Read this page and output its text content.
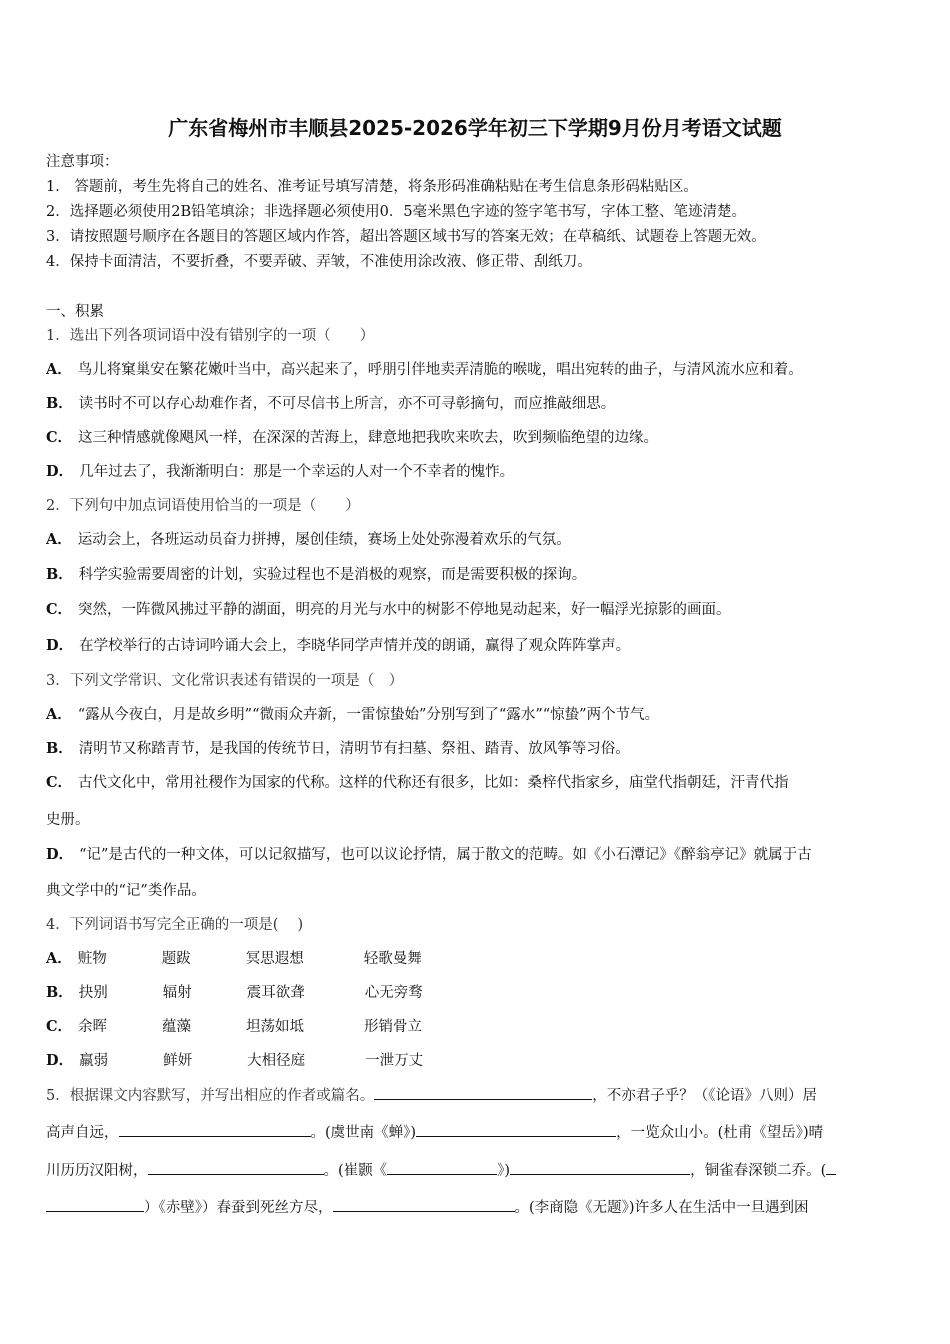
广东省梅州市丰顺县2025-2026学年初三下学期9月份月考语文试题
注意事项：
1． 答题前，考生先将自己的姓名、准考证号填写清楚，将条形码准确粘贴在考生信息条形码粘贴区。
2．选择题必须使用2B铅笔填涂；非选择题必须使用0．5毫米黑色字迹的签字笔书写，字体工整、笔迹清楚。
3．请按照题号顺序在各题目的答题区域内作答，超出答题区域书写的答案无效；在草稿纸、试题卷上答题无效。
4．保持卡面清洁，不要折叠，不要弄破、弄皱，不准使用涂改液、修正带、刮纸刀。
一、积累
1．选出下列各项词语中没有错别字的一项（　　）
A． 鸟儿将窠巢安在繁花嫩叶当中，高兴起来了，呼朋引伴地卖弄清脆的喉咙，唱出宛转的曲子，与清风流水应和着。
B． 读书时不可以存心劫难作者，不可尽信书上所言，亦不可寻彰摘句，而应推敲细思。
C． 这三种情感就像飓风一样，在深深的苦海上，肆意地把我吹来吹去，吹到频临绝望的边缘。
D． 几年过去了，我渐渐明白：那是一个幸运的人对一个不幸者的愧怍。
2．下列句中加点词语使用恰当的一项是（　　）
A． 运动会上，各班运动员奋力拼搏，屡创佳绩，赛场上处处弥漫着欢乐的气氛。
B． 科学实验需要周密的计划，实验过程也不是消极的观察，而是需要积极的探询。
C． 突然，一阵微风拂过平静的湖面，明亮的月光与水中的树影不停地晃动起来，好一幅浮光掠影的画面。
D． 在学校举行的古诗词吟诵大会上，李晓华同学声情并茂的朗诵，赢得了观众阵阵掌声。
3．下列文学常识、文化常识表述有错误的一项是（　）
A． “露从今夜白，月是故乡明”“微雨众卉新，一雷惊蛰始”分别写到了“露水”“惊蛰”两个节气。
B． 清明节又称踏青节，是我国的传统节日，清明节有扫墓、祭祖、踏青、放风筝等习俗。
C． 古代文化中，常用社稷作为国家的代称。这样的代称还有很多，比如：桑梓代指家乡，庙堂代指朝廷，汗青代指
史册。
D． “记”是古代的一种文体，可以记叙描写，也可以议论抒情，属于散文的范畴。如《小石潭记》《醉翁亭记》就属于古
典文学中的“记”类作品。
4．下列词语书写完全正确的一项是(　 )
A． 赃物	题跋	冥思遐想	轻歌曼舞
B． 抉别	辐射	震耳欲聋	心无旁骛
C． 余晖	蕴藻	坦荡如坻	形销骨立
D． 羸弱	鲜妍	大相径庭	一泄万丈
5．根据课文内容默写，并写出相应的作者或篇名。	，不亦君子乎？（《论语》八则）居
高声自远，	。(虞世南《蝉》)	，一览众山小。(杜甫《望岳》)晴
川历历汉阳树，	。(崔颢《	》)	，铜雀春深锁二乔。(
）《赤壁》）春蚕到死丝方尽，	。(李商隐《无题》)许多人在生活中一旦遇到困
